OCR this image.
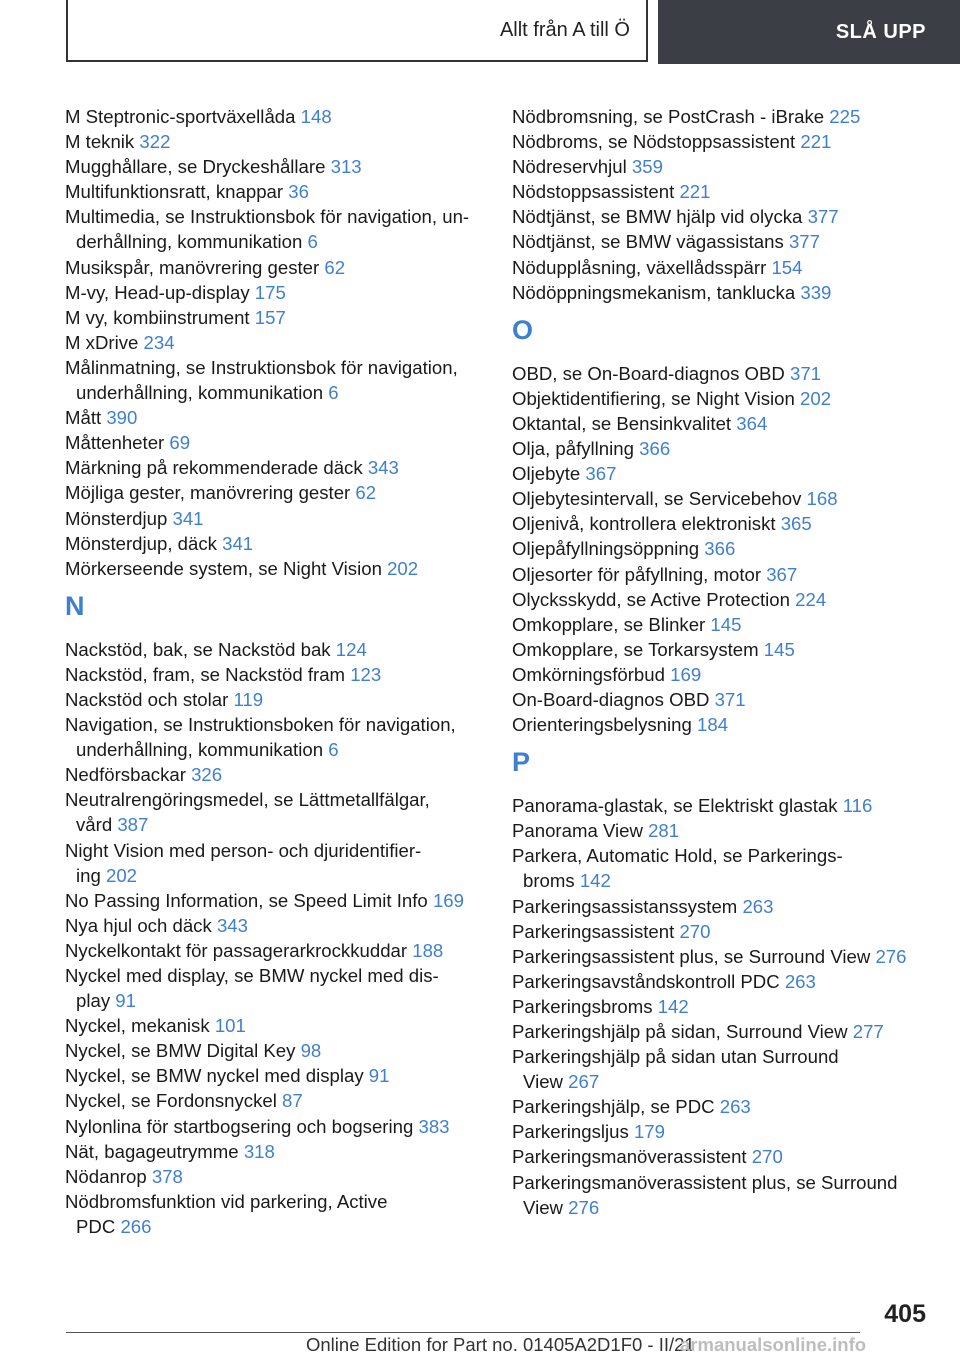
Allt från A till Ö	SLÅ UPP
M Steptronic-sportväxellåda 148
M teknik 322
Mugghållare, se Dryckeshållare 313
Multifunktionsratt, knappar 36
Multimedia, se Instruktionsbok för navigation, un-
derhållning, kommunikation 6
Musikspår, manövrering gester 62
M-vy, Head-up-display 175
M vy, kombiinstrument 157
M xDrive 234
Målinmatning, se Instruktionsbok för navigation,
underhållning, kommunikation 6
Mått 390
Måttenheter 69
Märkning på rekommenderade däck 343
Möjliga gester, manövrering gester 62
Mönsterdjup 341
Mönsterdjup, däck 341
Mörkerseende system, se Night Vision 202
N
Nackstöd, bak, se Nackstöd bak 124
Nackstöd, fram, se Nackstöd fram 123
Nackstöd och stolar 119
Navigation, se Instruktionsboken för navigation,
underhållning, kommunikation 6
Nedförsbackar 326
Neutralrengöringsmedel, se Lättmetallfälgar,
vård 387
Night Vision med person- och djuridentifier-
ing 202
No Passing Information, se Speed Limit Info 169
Nya hjul och däck 343
Nyckelkontakt för passagerarkrockkuddar 188
Nyckel med display, se BMW nyckel med dis-
play 91
Nyckel, mekanisk 101
Nyckel, se BMW Digital Key 98
Nyckel, se BMW nyckel med display 91
Nyckel, se Fordonsnyckel 87
Nylonlina för startbogsering och bogsering 383
Nät, bagageutrymme 318
Nödanrop 378
Nödbromsfunktion vid parkering, Active
PDC 266
Nödbromsning, se PostCrash - iBrake 225
Nödbroms, se Nödstoppsassistent 221
Nödreservhjul 359
Nödstoppsassistent 221
Nödtjänst, se BMW hjälp vid olycka 377
Nödtjänst, se BMW vägassistans 377
Nödupplåsning, växellådsspärr 154
Nödöppningsmekanism, tanklucka 339
O
OBD, se On-Board-diagnos OBD 371
Objektidentifiering, se Night Vision 202
Oktantal, se Bensinkvalitet 364
Olja, påfyllning 366
Oljebyte 367
Oljebytesintervall, se Servicebehov 168
Oljenivå, kontrollera elektroniskt 365
Oljepåfyllningsöppning 366
Oljesorter för påfyllning, motor 367
Olycksskydd, se Active Protection 224
Omkopplare, se Blinker 145
Omkopplare, se Torkarsystem 145
Omkörningsförbud 169
On-Board-diagnos OBD 371
Orienteringsbelysning 184
P
Panorama-glastak, se Elektriskt glastak 116
Panorama View 281
Parkera, Automatic Hold, se Parkerings-
broms 142
Parkeringsassistanssystem 263
Parkeringsassistent 270
Parkeringsassistent plus, se Surround View 276
Parkeringsavståndskontroll PDC 263
Parkeringsbroms 142
Parkeringshjälp på sidan, Surround View 277
Parkeringshjälp på sidan utan Surround
View 267
Parkeringshjälp, se PDC 263
Parkeringsljus 179
Parkeringsmanöverassistent 270
Parkeringsmanöverassistent plus, se Surround
View 276
405
Online Edition for Part no. 01405A2D1F0 - II/21
armanualsonline.info
